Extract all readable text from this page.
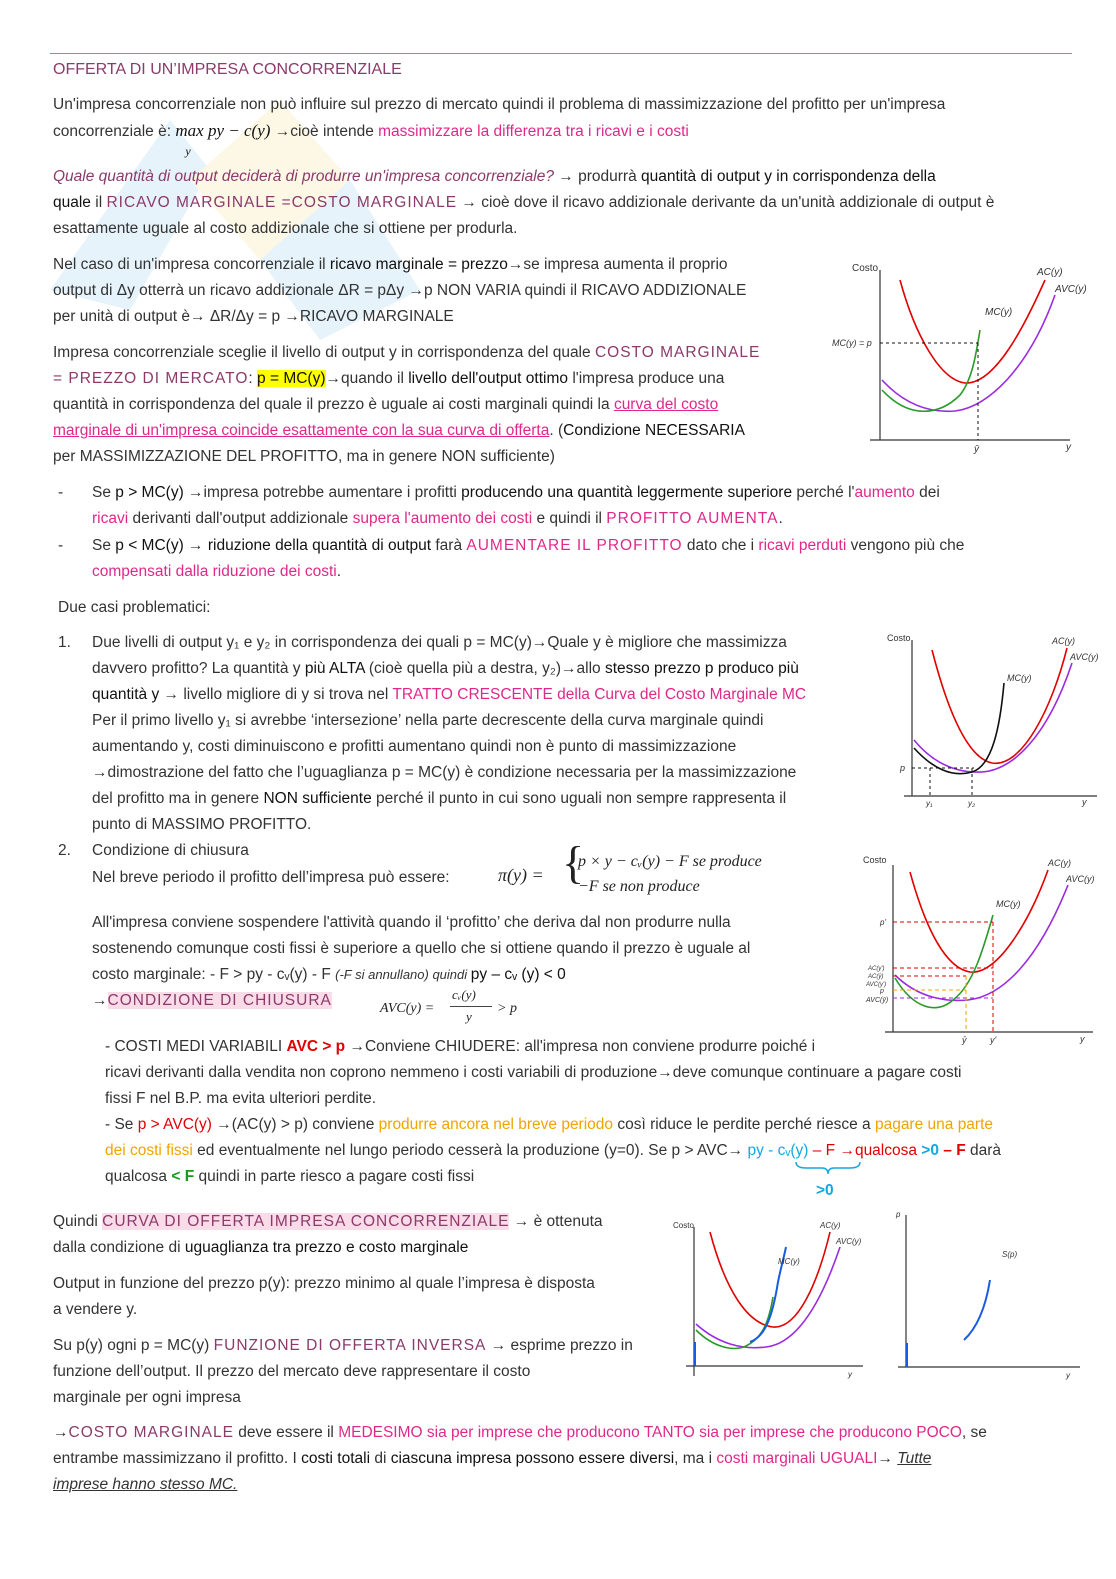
OFFERTA DI UN’IMPRESA CONCORRENZIALE

Un'impresa concorrenziale non può influire sul prezzo di mercato quindi il problema di massimizzazione del profitto per un'impresa

concorrenziale è: max
y
py − c(y) →cioè intende massimizzare la differenza tra i ricavi e i costi

Quale quantità di output deciderà di produrre un'impresa concorrenziale? → produrrà quantità di output y in corrispondenza della

quale il RICAVO MARGINALE =COSTO MARGINALE → cioè dove il ricavo addizionale derivante da un'unità addizionale di output è

esattamente uguale al costo addizionale che si ottiene per produrla.

Nel caso di un'impresa concorrenziale il ricavo marginale = prezzo→se impresa aumenta il proprio

output di Δy otterrà un ricavo addizionale ΔR = pΔy →p NON VARIA quindi il RICAVO ADDIZIONALE

per unità di output è→ ΔR/Δy = p →RICAVO MARGINALE

Impresa concorrenziale sceglie il livello di output y in corrispondenza del quale COSTO MARGINALE

= PREZZO DI MERCATO: p = MC(y)→quando il livello dell'output ottimo l'impresa produce una

quantità in corrispondenza del quale il prezzo è uguale ai costi marginali quindi la curva del costo

marginale di un'impresa coincide esattamente con la sua curva di offerta. (Condizione NECESSARIA

per MASSIMIZZAZIONE DEL PROFITTO, ma in genere NON sufficiente)

- Se p > MC(y) →impresa potrebbe aumentare i profitti producendo una quantità leggermente superiore perché l'aumento dei

ricavi derivanti dall'output addizionale supera l'aumento dei costi e quindi il PROFITTO AUMENTA.

- Se p < MC(y) → riduzione della quantità di output farà AUMENTARE IL PROFITTO dato che i ricavi perduti vengono più che

compensati dalla riduzione dei costi.

Due casi problematici:

1. Due livelli di output y₁ e y₂ in corrispondenza dei quali p = MC(y)→Quale y è migliore che massimizza

davvero profitto? La quantità y più ALTA (cioè quella più a destra, y₂)→allo stesso prezzo p produco più

quantità y → livello migliore di y si trova nel TRATTO CRESCENTE della Curva del Costo Marginale MC

Per il primo livello y₁ si avrebbe ‘intersezione’ nella parte decrescente della curva marginale quindi

aumentando y, costi diminuiscono e profitti aumentano quindi non è punto di massimizzazione

→dimostrazione del fatto che l’uguaglianza p = MC(y) è condizione necessaria per la massimizzazione

del profitto ma in genere NON sufficiente perché il punto in cui sono uguali non sempre rappresenta il

punto di MASSIMO PROFITTO.

2. Condizione di chiusura

Nel breve periodo il profitto dell’impresa può essere:	π(y) = {
p × y − cᵥ(y) − F se produce
−F se non produce

All'impresa conviene sospendere l'attività quando il ‘profitto’ che deriva dal non produrre nulla

sostenendo comunque costi fissi è superiore a quello che si ottiene quando il prezzo è uguale al

costo marginale: - F > py - cᵥ(y) - F (-F si annullano) quindi py – cᵥ (y) < 0

→CONDIZIONE DI CHIUSURA	AVC(y) =
cᵥ(y)
y
> p

- COSTI MEDI VARIABILI AVC > p →Conviene CHIUDERE: all'impresa non conviene produrre poiché i

ricavi derivanti dalla vendita non coprono nemmeno i costi variabili di produzione→deve comunque continuare a pagare costi

fissi F nel B.P. ma evita ulteriori perdite.

- Se p > AVC(y) →(AC(y) > p) conviene produrre ancora nel breve periodo così riduce le perdite perché riesce a pagare una parte

dei costi fissi ed eventualmente nel lungo periodo cesserà la produzione (y=0). Se p > AVC→ py - cᵥ(y) – F →qualcosa >0 – F darà

qualcosa < F quindi in parte riesco a pagare costi fissi

>0

Quindi CURVA DI OFFERTA IMPRESA CONCORRENZIALE → è ottenuta

dalla condizione di uguaglianza tra prezzo e costo marginale

Output in funzione del prezzo p(y): prezzo minimo al quale l’impresa è disposta

a vendere y.

Su p(y) ogni p = MC(y) FUNZIONE DI OFFERTA INVERSA → esprime prezzo in

funzione dell’output. Il prezzo del mercato deve rappresentare il costo

marginale per ogni impresa

→COSTO MARGINALE deve essere il MEDESIMO sia per imprese che producono TANTO sia per imprese che producono POCO, se

entrambe massimizzano il profitto. I costi totali di ciascuna impresa possono essere diversi, ma i costi marginali UGUALI→ Tutte

imprese hanno stesso MC.

Costo
y
AC(y)
AVC(y)
MC(y)
MC(y) = p
ȳ
Costo
y
AC(y)
AVC(y)
MC(y)
p
y₁	y₂
Costo
y
AC(y)
AVC(y)
MC(y)
p'
AC(y')
AC(ȳ)
AVC(y')
p
AVC(ȳ)
ȳ	y'
Costo
y
AC(y)
AVC(y)
MC(y)
p
y
S(p)
